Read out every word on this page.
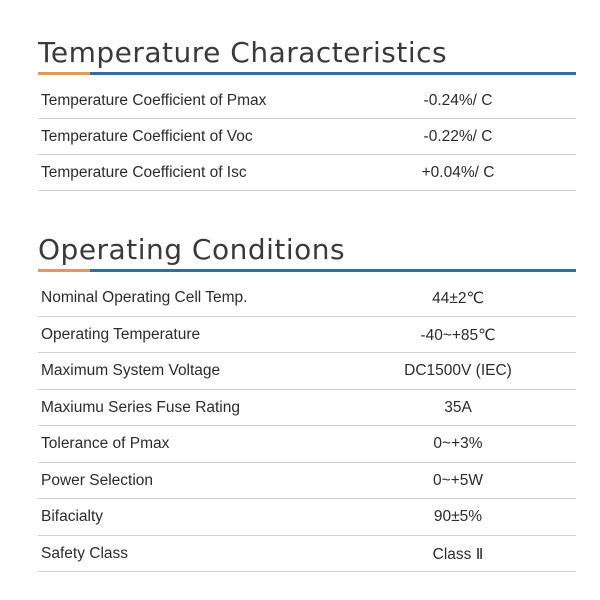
Temperature Characteristics
Temperature Coefficient of Pmax	-0.24%/ C
Temperature Coefficient of Voc	-0.22%/ C
Temperature Coefficient of Isc	+0.04%/ C
Operating Conditions
Nominal Operating Cell Temp.	44±2℃
Operating Temperature	-40~+85℃
Maximum System Voltage	DC1500V (IEC)
Maxiumu Series Fuse Rating	35A
Tolerance of Pmax	0~+3%
Power Selection	0~+5W
Bifacialty	90±5%
Safety Class	Class Ⅱ
